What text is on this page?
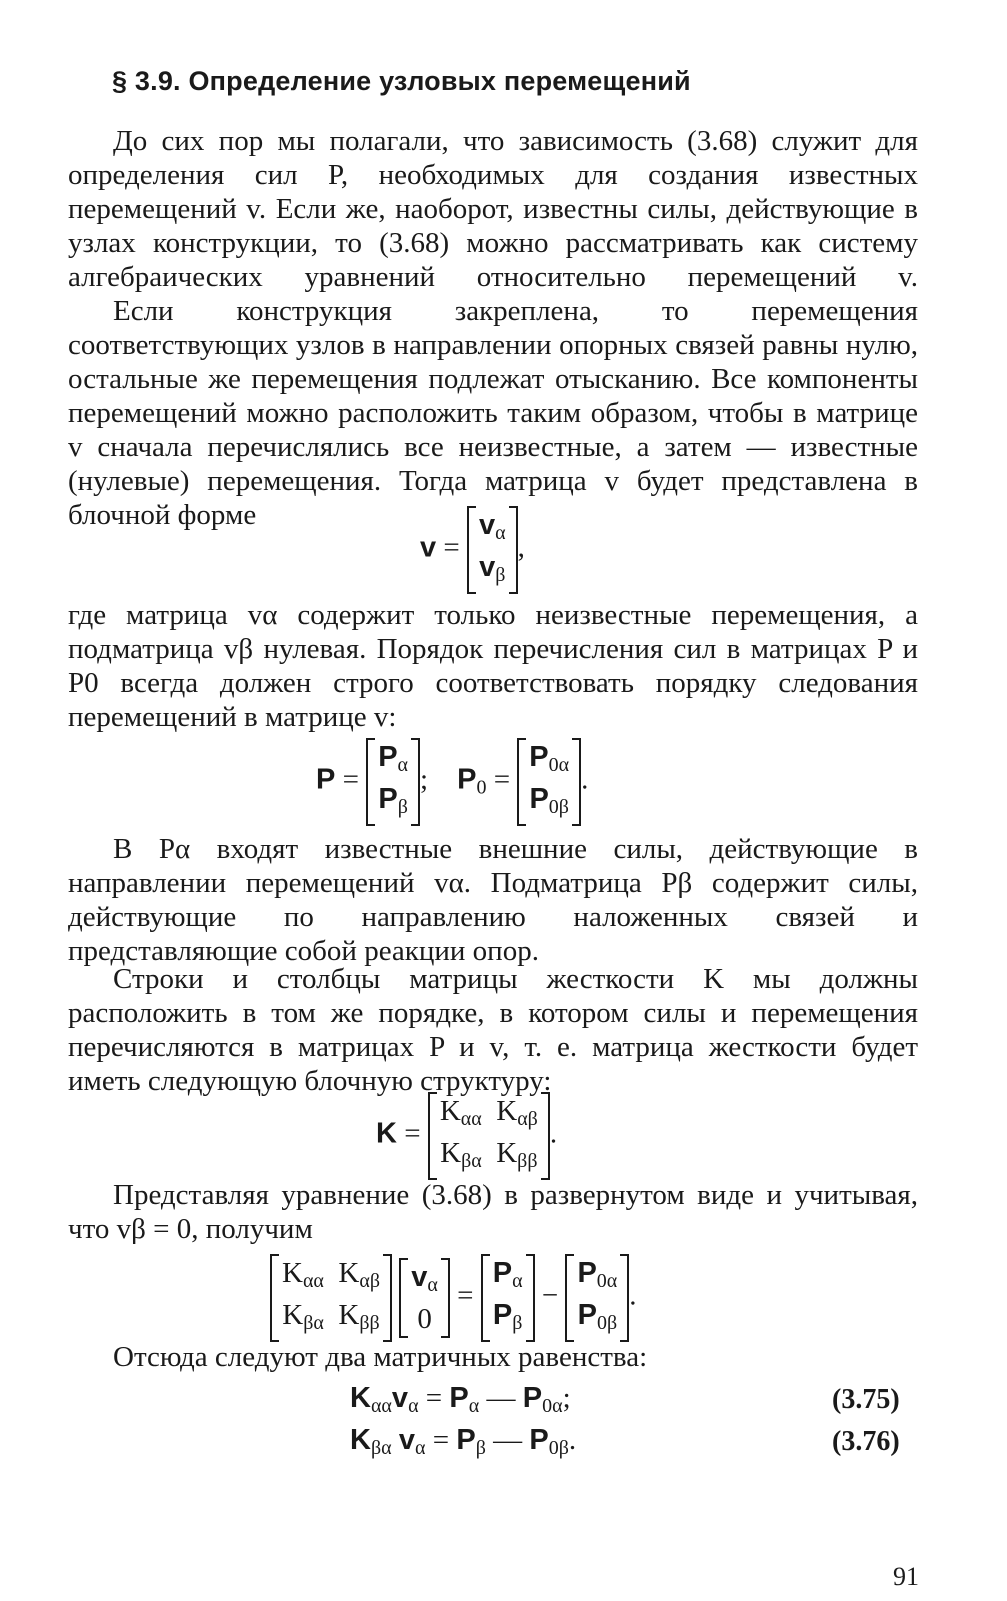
§ 3.9. Определение узловых перемещений
До сих пор мы полагали, что зависимость (3.68) служит для определения сил P, необходимых для создания известных перемещений v. Если же, наоборот, известны силы, действующие в узлах конструкции, то (3.68) можно рассматривать как систему алгебраических уравнений относительно перемещений v.
Если конструкция закреплена, то перемещения соответствующих узлов в направлении опорных связей равны нулю, остальные же перемещения подлежат отысканию. Все компоненты перемещений можно расположить таким образом, чтобы в матрице v сначала перечислялись все неизвестные, а затем — известные (нулевые) перемещения. Тогда матрица v будет представлена в блочной форме
v =
$v_\alpha$
$v_\beta$
,
где матрица vα содержит только неизвестные перемещения, а подматрица vβ нулевая. Порядок перечисления сил в матрицах P и P0 всегда должен строго соответствовать порядку следования перемещений в матрице v:
P =
$P_\alpha$
$P_\beta$
;    $P_0$ =
$P_{0\alpha}$
$P_{0\beta}$
.
В Pα входят известные внешние силы, действующие в направлении перемещений vα. Подматрица Pβ содержит силы, действующие по направлению наложенных связей и представляющие собой реакции опор.
Строки и столбцы матрицы жесткости K мы должны расположить в том же порядке, в котором силы и перемещения перечисляются в матрицах P и v, т. е. матрица жесткости будет иметь следующую блочную структуру:
K =
$K_{\alpha\alpha}$  $K_{\alpha\beta}$
$K_{\beta\alpha}$  $K_{\beta\beta}$
.
Представляя уравнение (3.68) в развернутом виде и учитывая, что vβ = 0, получим
$K_{\alpha\alpha}$  $K_{\alpha\beta}$
$K_{\beta\alpha}$  $K_{\beta\beta}$

$v_\alpha$
0
=
$P_\alpha$
$P_\beta$
−
$P_{0\alpha}$
$P_{0\beta}$
.
Отсюда следуют два матричных равенства:
$K_{\alpha\alpha}v_\alpha = P_\alpha$ — $P_{0\alpha}$;	(3.75)
$K_{\beta\alpha}$ $v_\alpha = P_\beta$ — $P_{0\beta}$.	(3.76)
91
